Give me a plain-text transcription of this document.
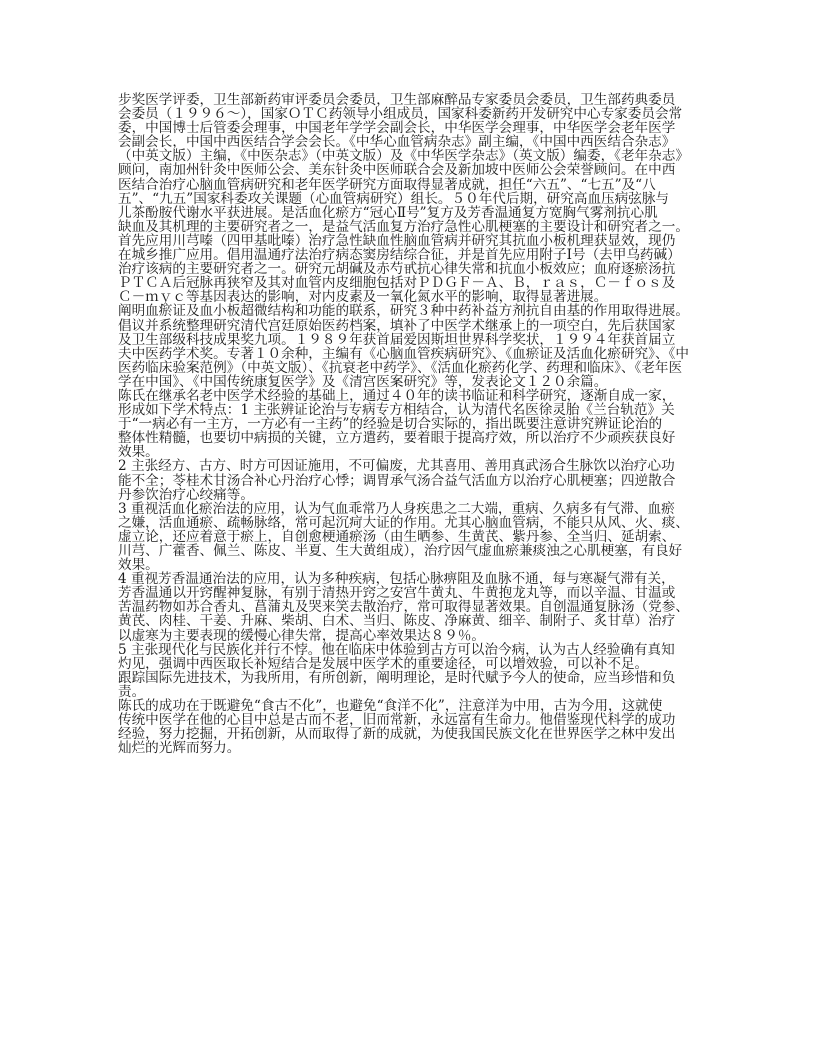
步奖医学评委，卫生部新药审评委员会委员，卫生部麻醉品专家委员会委员，卫生部药典委员
会委员（１９９６～），国家ＯＴＣ药领导小组成员，国家科委新药开发研究中心专家委员会常
委，中国博士后管委会理事，中国老年学学会副会长，中华医学会理事，中华医学会老年医学
会副会长，中国中西医结合学会会长。《中华心血管病杂志》副主编，《中国中西医结合杂志》
（中英文版）主编，《中医杂志》（中英文版）及《中华医学杂志》（英文版）编委，《老年杂志》
顾问，南加州针灸中医师公会、美东针灸中医师联合会及新加坡中医师公会荣誉顾问。在中西
医结合治疗心脑血管病研究和老年医学研究方面取得显著成就，担任“六五”、“七五”及“八
五”、“九五”国家科委攻关课题（心血管病研究）组长。５０年代后期，研究高血压病弦脉与
儿茶酚胺代谢水平获进展。是活血化瘀方“冠心Ⅱ号”复方及芳香温通复方宽胸气雾剂抗心肌
缺血及其机理的主要研究者之一，是益气活血复方治疗急性心肌梗塞的主要设计和研究者之一。
首先应用川芎嗪（四甲基吡嗪）治疗急性缺血性脑血管病并研究其抗血小板机理获显效，现仍
在城乡推广应用。倡用温通疗法治疗病态窦房结综合征，并是首先应用附子Ⅰ号（去甲乌药碱）
治疗该病的主要研究者之一。研究元胡碱及赤芍甙抗心律失常和抗血小板效应；血府逐瘀汤抗
ＰＴＣＡ后冠脉再狭窄及其对血管内皮细胞包括对ＰＤＧＦ－Ａ、Ｂ，ｒａｓ，Ｃ－ｆｏｓ及
Ｃ－ｍｙｃ等基因表达的影响，对内皮素及一氧化氮水平的影响，取得显著进展。
阐明血瘀证及血小板超微结构和功能的联系，研究３种中药补益方剂抗自由基的作用取得进展。
倡议并系统整理研究清代宫廷原始医药档案，填补了中医学术继承上的一项空白，先后获国家
及卫生部级科技成果奖九项。１９８９年获首届爱因斯坦世界科学奖状，１９９４年获首届立
夫中医药学术奖。专著１０余种，主编有《心脑血管疾病研究》、《血瘀证及活血化瘀研究》、《中
医药临床验案范例》（中英文版）、《抗衰老中药学》、《活血化瘀药化学、药理和临床》、《老年医
学在中国》、《中国传统康复医学》及《清宫医案研究》等，发表论文１２０余篇。
陈氏在继承名老中医学术经验的基础上，通过４０年的读书临证和科学研究，逐渐自成一家，
形成如下学术特点：1 主张辨证论治与专病专方相结合，认为清代名医徐灵胎《兰台轨范》关
于“一病必有一主方，一方必有一主药”的经验是切合实际的，指出既要注意讲究辨证论治的
整体性精髓，也要切中病损的关键，立方遣药，要着眼于提高疗效，所以治疗不少顽疾获良好
效果。
2 主张经方、古方、时方可因证施用，不可偏废，尤其喜用、善用真武汤合生脉饮以治疗心功
能不全；苓桂术甘汤合补心丹治疗心悸；调胃承气汤合益气活血方以治疗心肌梗塞；四逆散合
丹参饮治疗心绞痛等。
3 重视活血化瘀治法的应用，认为气血乖常乃人身疾患之二大端，重病、久病多有气滞、血瘀
之嫌，活血通瘀、疏畅脉络，常可起沉疴大证的作用。尤其心脑血管病，不能只从风、火、痰、
虚立论，还应着意于瘀上，自创愈梗通瘀汤（由生晒参、生黄芪、紫丹参、全当归、延胡索、
川芎、广藿香、佩兰、陈皮、半夏、生大黄组成），治疗因气虚血瘀兼痰浊之心肌梗塞，有良好
效果。
4 重视芳香温通治法的应用，认为多种疾病，包括心脉痹阻及血脉不通，每与寒凝气滞有关，
芳香温通以开窍醒神复脉，有别于清热开窍之安宫牛黄丸、牛黄抱龙丸等，而以辛温、甘温或
苦温药物如苏合香丸、菖蒲丸及哭来笑去散治疗，常可取得显著效果。自创温通复脉汤（党参、
黄芪、肉桂、干姜、升麻、柴胡、白术、当归、陈皮、净麻黄、细辛、制附子、炙甘草）治疗
以虚寒为主要表现的缓慢心律失常，提高心率效果达８９％。
5 主张现代化与民族化并行不悖。他在临床中体验到古方可以治今病，认为古人经验确有真知
灼见，强调中西医取长补短结合是发展中医学术的重要途径，可以增效验，可以补不足。
跟踪国际先进技术，为我所用，有所创新，阐明理论，是时代赋予今人的使命，应当珍惜和负
责。
陈氏的成功在于既避免“食古不化”，也避免“食洋不化”，注意洋为中用，古为今用，这就使
传统中医学在他的心目中总是古而不老，旧而常新，永远富有生命力。他借鉴现代科学的成功
经验，努力挖掘，开拓创新，从而取得了新的成就，为使我国民族文化在世界医学之林中发出
灿烂的光辉而努力。
